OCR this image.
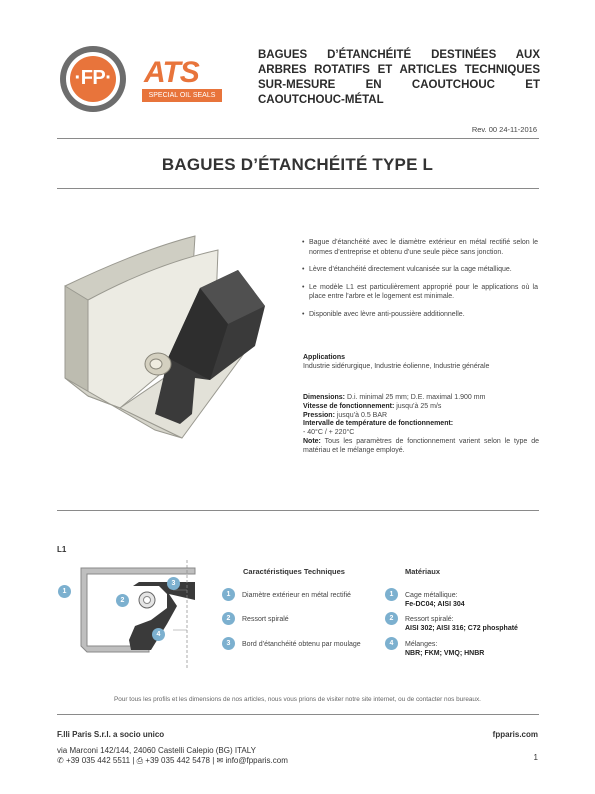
·FP·	ATS
SPECIAL OIL SEALS
BAGUES D’ÉTANCHÉITÉ DESTINÉES AUX ARBRES ROTATIFS ET ARTICLES TECHNIQUES SUR-MESURE EN CAOUTCHOUC ET CAOUTCHOUC-MÉTAL
Rev. 00 24-11-2016
BAGUES D’ÉTANCHÉITÉ TYPE L
• Bague d’étanchéité avec le diamètre extérieur en métal rectifié selon le normes d’entreprise et obtenu d’une seule pièce sans jonction.
• Lèvre d’étanchéité directement vulcanisée sur la cage métallique.
• Le modèle L1 est particulièrement approprié pour le applications où la place entre l’arbre et le logement est minimale.
• Disponible avec lèvre anti-poussière additionnelle.
Applications
Industrie sidérurgique, Industrie éolienne, Industrie générale
Dimensions: D.i. minimal 25 mm; D.E. maximal 1.900 mm
Vitesse de fonctionnement: jusqu’à 25 m/s
Pression: jusqu’à 0.5 BAR
Intervalle de température de fonctionnement:
- 40°C / + 220°C
Note: Tous les paramètres de fonctionnement varient selon le type de matériau et le mélange employé.
L1
1
2
3
4
Caractéristiques Techniques
1	Diamètre extérieur en métal rectifié
2	Ressort spiralé
3	Bord d’étanchéité obtenu par moulage
Matériaux
1	Cage métallique:
Fe-DC04; AISI 304
2	Ressort spiralé:
AISI 302; AISI 316; C72 phosphaté
4	Mélanges:
NBR; FKM; VMQ; HNBR
Pour tous les profils et les dimensions de nos articles, nous vous prions de visiter notre site internet, ou de contacter nos bureaux.
F.lli Paris S.r.l. a socio unico	fpparis.com
via Marconi 142/144, 24060 Castelli Calepio (BG) ITALY
✆ +39 035 442 5511 | ⎙ +39 035 442 5478 | ✉ info@fpparis.com	1
